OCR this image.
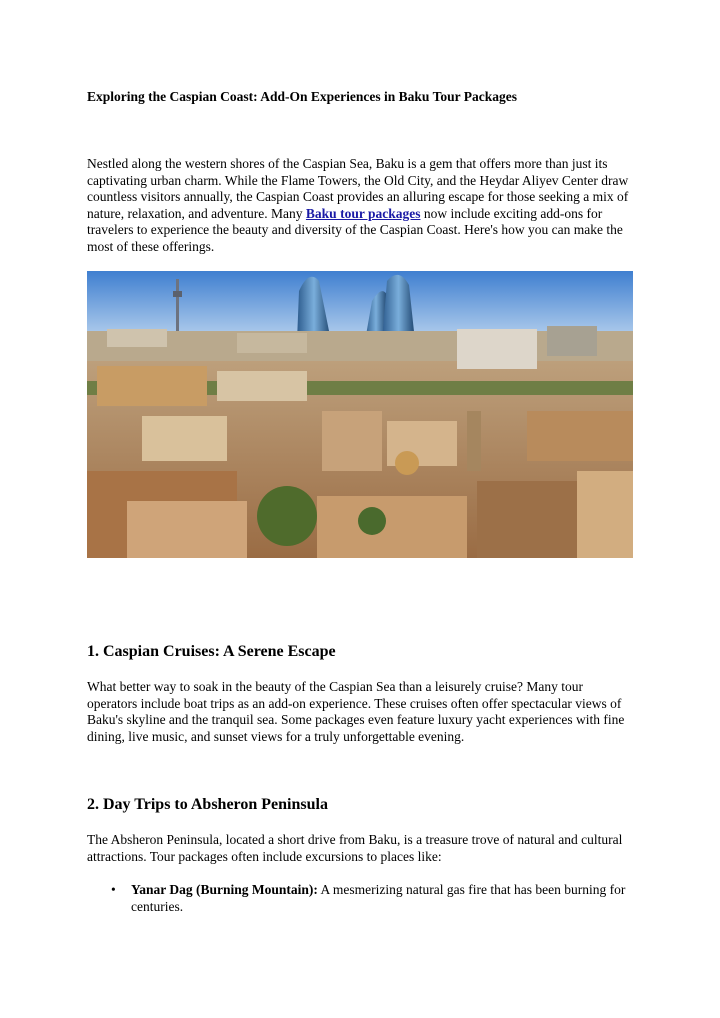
Exploring the Caspian Coast: Add-On Experiences in Baku Tour Packages

Nestled along the western shores of the Caspian Sea, Baku is a gem that offers more than just its captivating urban charm. While the Flame Towers, the Old City, and the Heydar Aliyev Center draw countless visitors annually, the Caspian Coast provides an alluring escape for those seeking a mix of nature, relaxation, and adventure. Many Baku tour packages now include exciting add-ons for travelers to experience the beauty and diversity of the Caspian Coast. Here's how you can make the most of these offerings.

1. Caspian Cruises: A Serene Escape

What better way to soak in the beauty of the Caspian Sea than a leisurely cruise? Many tour operators include boat trips as an add-on experience. These cruises often offer spectacular views of Baku's skyline and the tranquil sea. Some packages even feature luxury yacht experiences with fine dining, live music, and sunset views for a truly unforgettable evening.

2. Day Trips to Absheron Peninsula

The Absheron Peninsula, located a short drive from Baku, is a treasure trove of natural and cultural attractions. Tour packages often include excursions to places like:

• Yanar Dag (Burning Mountain): A mesmerizing natural gas fire that has been burning for centuries.
